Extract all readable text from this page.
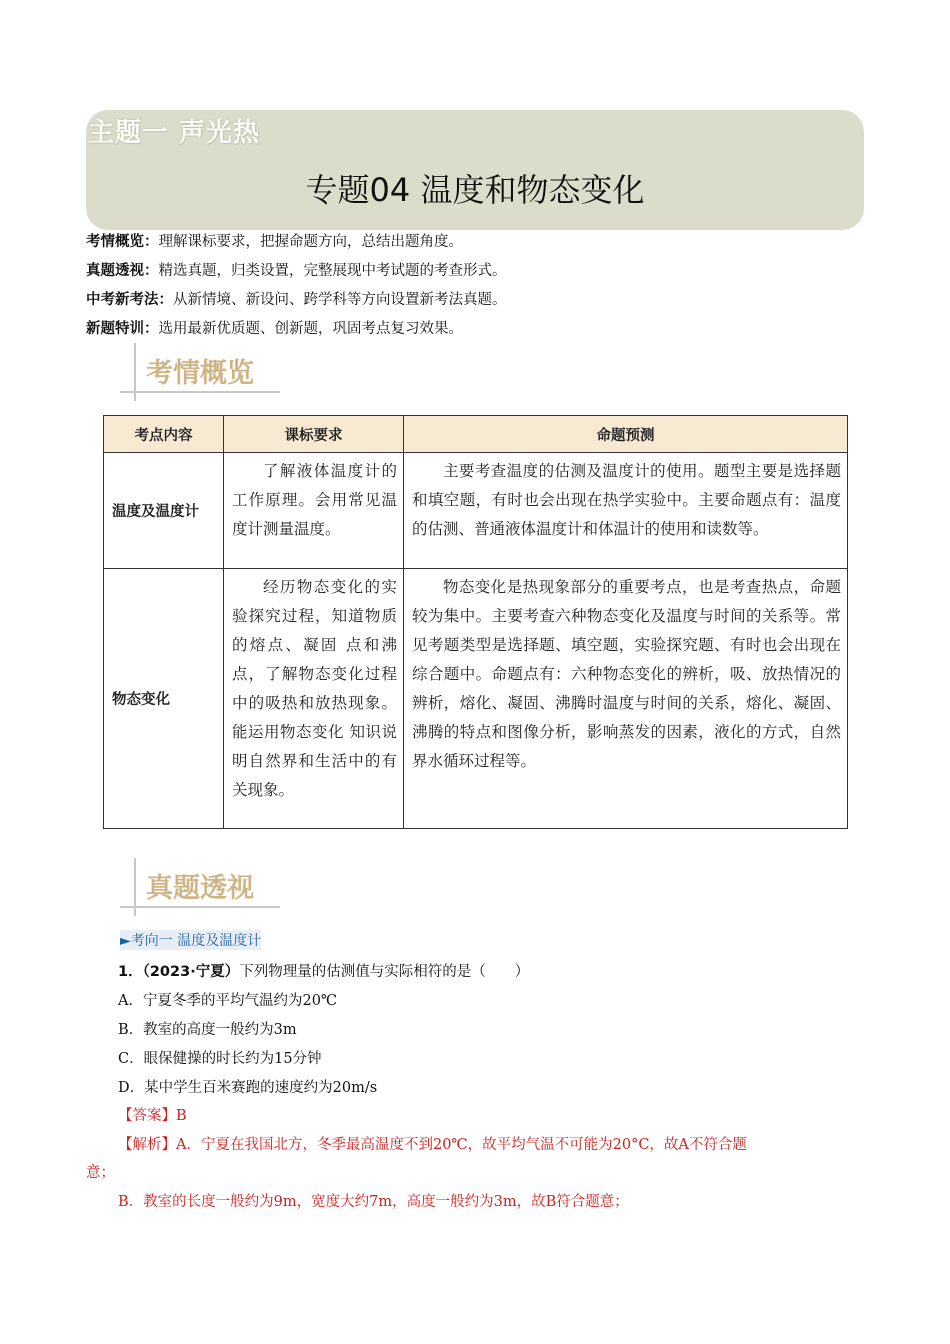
主题一 声光热
专题04 温度和物态变化
考情概览：理解课标要求，把握命题方向，总结出题角度。
真题透视：精选真题，归类设置，完整展现中考试题的考查形式。
中考新考法：从新情境、新设问、跨学科等方向设置新考法真题。
新题特训：选用最新优质题、创新题，巩固考点复习效果。
考情概览
考点内容	课标要求	命题预测
温度及温度计	了解液体温度计的工作原理。会用常见温度计测量温度。	主要考查温度的估测及温度计的使用。题型主要是选择题和填空题，有时也会出现在热学实验中。主要命题点有：温度的估测、普通液体温度计和体温计的使用和读数等。
物态变化	经历物态变化的实验探究过程，知道物质的熔点、凝固 点和沸点，了解物态变化过程中的吸热和放热现象。能运用物态变化 知识说明自然界和生活中的有关现象。	物态变化是热现象部分的重要考点，也是考查热点，命题较为集中。主要考查六种物态变化及温度与时间的关系等。常见考题类型是选择题、填空题，实验探究题、有时也会出现在综合题中。命题点有：六种物态变化的辨析，吸、放热情况的辨析，熔化、凝固、沸腾时温度与时间的关系，熔化、凝固、沸腾的特点和图像分析，影响蒸发的因素，液化的方式，自然界水循环过程等。
真题透视
►考向一 温度及温度计
1．（2023·宁夏）下列物理量的估测值与实际相符的是（　　）
A．宁夏冬季的平均气温约为20℃
B．教室的高度一般约为3m
C．眼保健操的时长约为15分钟
D．某中学生百米赛跑的速度约为20m/s
【答案】B
【解析】A．宁夏在我国北方，冬季最高温度不到20℃，故平均气温不可能为20°C，故A不符合题
意；
B．教室的长度一般约为9m，宽度大约7m，高度一般约为3m，故B符合题意；
